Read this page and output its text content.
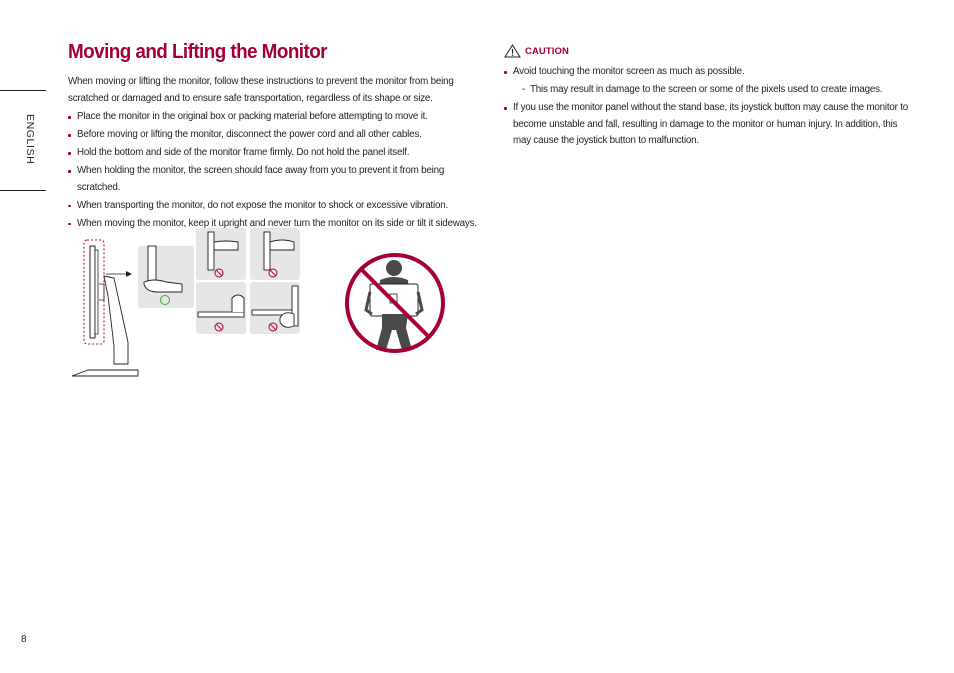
ENGLISH
Moving and Lifting the Monitor

When moving or lifting the monitor, follow these instructions to prevent the monitor from being scratched or damaged and to ensure safe transportation, regardless of its shape or size.

Place the monitor in the original box or packing material before attempting to move it.
Before moving or lifting the monitor, disconnect the power cord and all other cables.
Hold the bottom and side of the monitor frame firmly. Do not hold the panel itself.
When holding the monitor, the screen should face away from you to prevent it from being scratched.
When transporting the monitor, do not expose the monitor to shock or excessive vibration.
When moving the monitor, keep it upright and never turn the monitor on its side or tilt it sideways.
CAUTION
Avoid touching the monitor screen as much as possible.
-  This may result in damage to the screen or some of the pixels used to create images.
If you use the monitor panel without the stand base, its joystick button may cause the monitor to become unstable and fall, resulting in damage to the monitor or human injury. In addition, this may cause the joystick button to malfunction.
8
